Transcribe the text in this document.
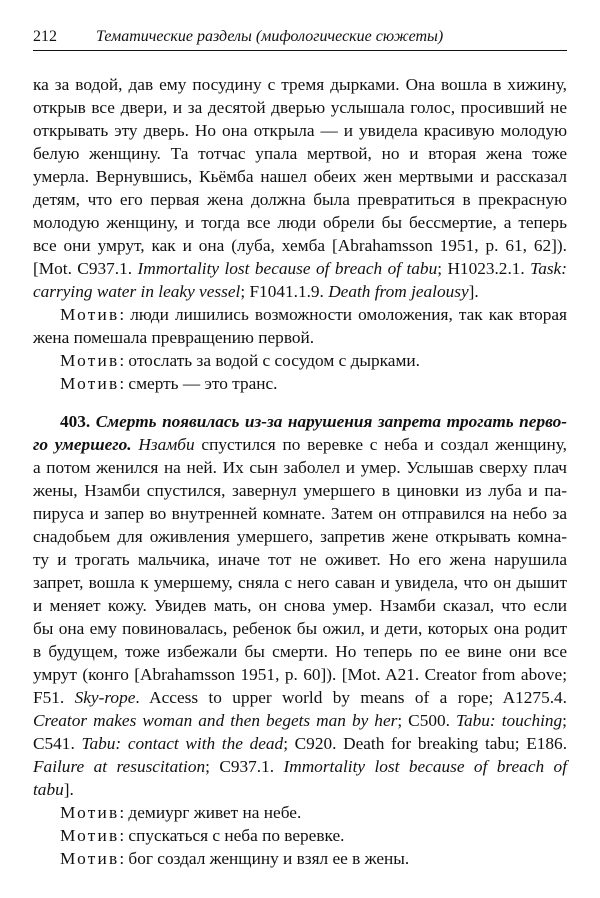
212 Тематические разделы (мифологические сюжеты)
ка за водой, дав ему посудину с тремя дырками. Она вошла в хижину,
открыв все двери, и за десятой дверью услышала голос, просивший не
открывать эту дверь. Но она открыла — и увидела красивую молодую
белую женщину. Та тотчас упала мертвой, но и вторая жена тоже
умерла. Вернувшись, Кьёмба нашел обеих жен мертвыми и рассказал
детям, что его первая жена должна была превратиться в прекрасную
молодую женщину, и тогда все люди обрели бы бессмертие, а теперь
все они умрут, как и она (луба, хемба [Abrahamsson 1951, p. 61, 62]).
[Mot. C937.1. Immortality lost because of breach of tabu; H1023.2.1. Task:
carrying water in leaky vessel; F1041.1.9. Death from jealousy].
Мотив: люди лишились возможности омоложения, так как вторая
жена помешала превращению первой.
Мотив: отослать за водой с сосудом с дырками.
Мотив: смерть — это транс.
403. Смерть появилась из-за нарушения запрета трогать перво-
го умершего. Нзамби спустился по веревке с неба и создал женщину,
а потом женился на ней. Их сын заболел и умер. Услышав сверху плач
жены, Нзамби спустился, завернул умершего в циновки из луба и па-
пируса и запер во внутренней комнате. Затем он отправился на небо за
снадобьем для оживления умершего, запретив жене открывать комна-
ту и трогать мальчика, иначе тот не оживет. Но его жена нарушила
запрет, вошла к умершему, сняла с него саван и увидела, что он дышит
и меняет кожу. Увидев мать, он снова умер. Нзамби сказал, что если
бы она ему повиновалась, ребенок бы ожил, и дети, которых она родит
в будущем, тоже избежали бы смерти. Но теперь по ее вине они все
умрут (конго [Abrahamsson 1951, p. 60]). [Mot. A21. Creator from above;
F51. Sky-rope. Access to upper world by means of a rope; A1275.4.
Creator makes woman and then begets man by her; C500. Tabu: touching;
C541. Tabu: contact with the dead; C920. Death for breaking tabu; E186.
Failure at resuscitation; C937.1. Immortality lost because of breach of
tabu].
Мотив: демиург живет на небе.
Мотив: спускаться с неба по веревке.
Мотив: бог создал женщину и взял ее в жены.
